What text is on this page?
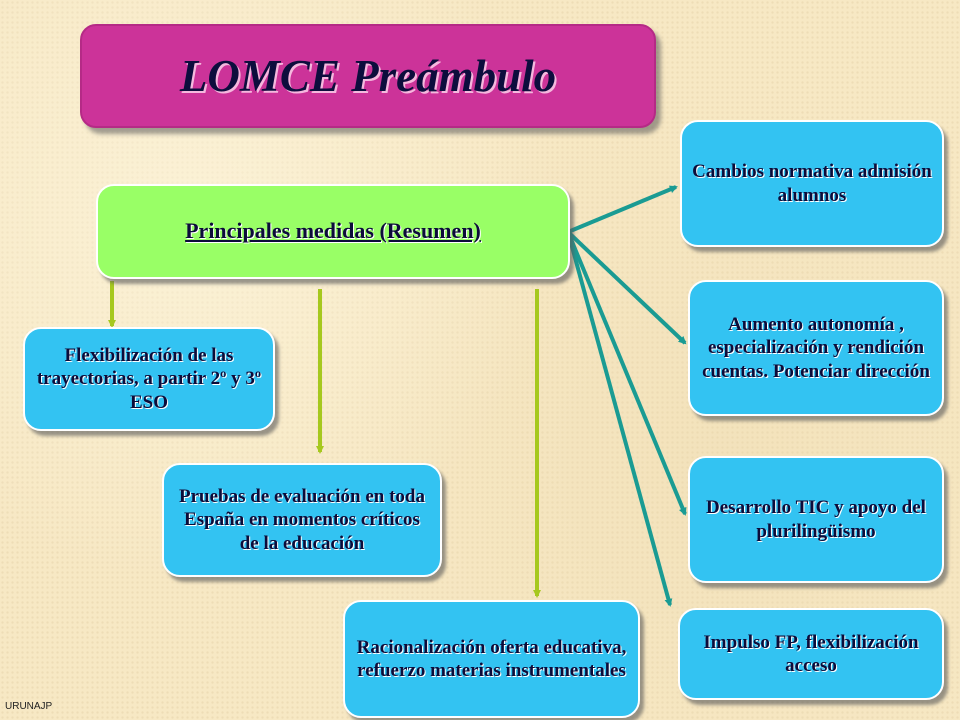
LOMCE Preámbulo
Principales medidas (Resumen)
Flexibilización de las trayectorias, a partir 2º y 3º ESO
Pruebas de evaluación en toda España en momentos críticos de la educación
Racionalización oferta educativa, refuerzo materias instrumentales
Cambios normativa admisión alumnos
Aumento autonomía , especialización y rendición cuentas. Potenciar dirección
Desarrollo TIC y apoyo del plurilingüismo
Impulso FP, flexibilización acceso
URUNAJP
